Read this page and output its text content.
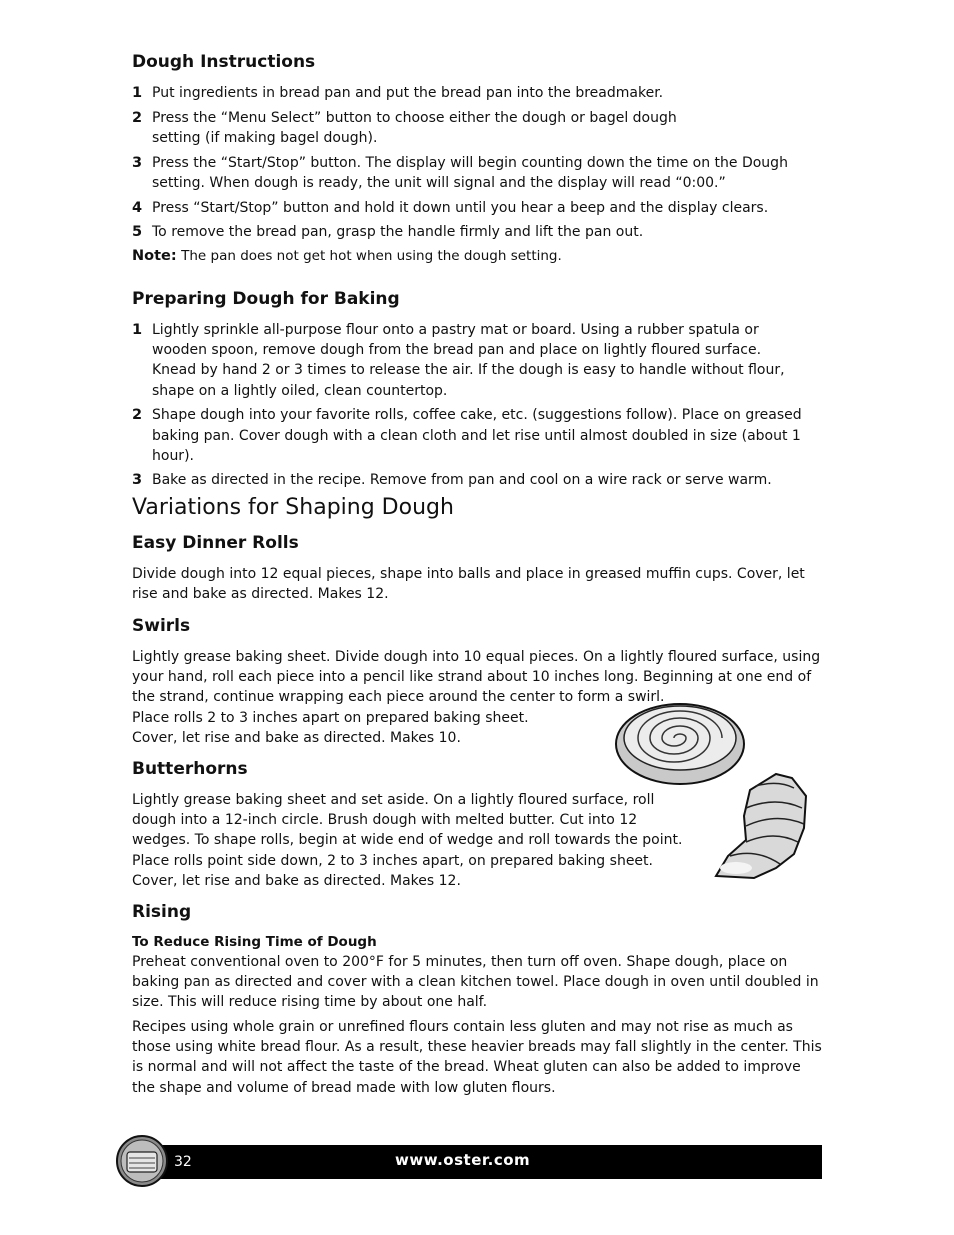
Dough Instructions
1 Put ingredients in bread pan and put the bread pan into the breadmaker.
2 Press the “Menu Select” button to choose either the dough or bagel dough setting (if making bagel dough).
3 Press the “Start/Stop” button. The display will begin counting down the time on the Dough setting. When dough is ready, the unit will signal and the display will read “0:00.”
4 Press “Start/Stop” button and hold it down until you hear a beep and the display clears.
5 To remove the bread pan, grasp the handle firmly and lift the pan out.

Note: The pan does not get hot when using the dough setting.

Preparing Dough for Baking
1 Lightly sprinkle all-purpose flour onto a pastry mat or board. Using a rubber spatula or wooden spoon, remove dough from the bread pan and place on lightly floured surface. Knead by hand 2 or 3 times to release the air. If the dough is easy to handle without flour, shape on a lightly oiled, clean countertop.
2 Shape dough into your favorite rolls, coffee cake, etc. (suggestions follow). Place on greased baking pan. Cover dough with a clean cloth and let rise until almost doubled in size (about 1 hour).
3 Bake as directed in the recipe. Remove from pan and cool on a wire rack or serve warm.
Variations for Shaping Dough
Easy Dinner Rolls

Divide dough into 12 equal pieces, shape into balls and place in greased muffin cups. Cover, let rise and bake as directed. Makes 12.

Swirls

Lightly grease baking sheet. Divide dough into 10 equal pieces. On a lightly floured surface, using your hand, roll each piece into a pencil like strand about 10 inches long. Beginning at one end of the strand, continue wrapping each piece around the center to form a swirl.

Place rolls 2 to 3 inches apart on prepared baking sheet. Cover, let rise and bake as directed. Makes 10.

Butterhorns

Lightly grease baking sheet and set aside. On a lightly floured surface, roll dough into a 12-inch circle. Brush dough with melted butter. Cut into 12 wedges. To shape rolls, begin at wide end of wedge and roll towards the point. Place rolls point side down, 2 to 3 inches apart, on prepared baking sheet. Cover, let rise and bake as directed. Makes 12.

Rising
To Reduce Rising Time of Dough

Preheat conventional oven to 200°F for 5 minutes, then turn off oven. Shape dough, place on baking pan as directed and cover with a clean kitchen towel. Place dough in oven until doubled in size. This will reduce rising time by about one half.

Recipes using whole grain or unrefined flours contain less gluten and may not rise as much as those using white bread flour. As a result, these heavier breads may fall slightly in the center. This is normal and will not affect the taste of the bread. Wheat gluten can also be added to improve the shape and volume of bread made with low gluten flours.

32	www.oster.com
